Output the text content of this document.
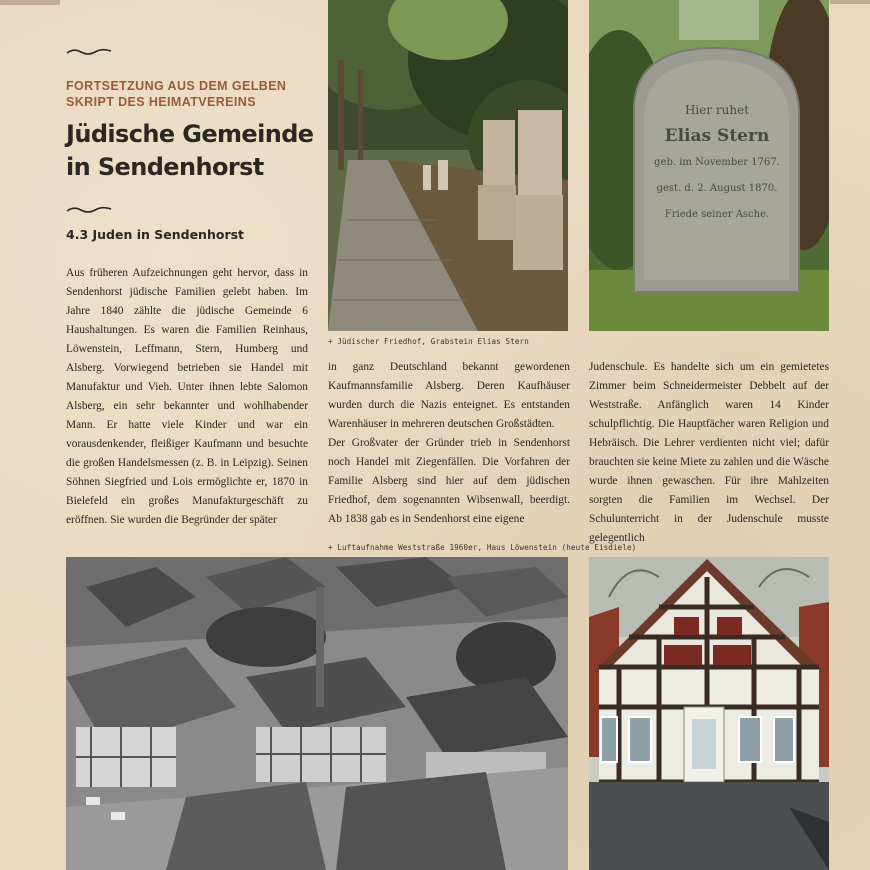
FORTSETZUNG AUS DEM GELBEN
SKRIPT DES HEIMATVEREINS
Jüdische Gemeinde
in Sendenhorst
4.3 Juden in Sendenhorst

Aus früheren Aufzeichnungen geht hervor, dass in Sendenhorst jüdische Familien gelebt haben. Im Jahre 1840 zählte die jüdische Gemeinde 6 Haushaltungen. Es waren die Familien Reinhaus, Löwenstein, Leffmann, Stern, Humberg und Alsberg. Vorwiegend betrieben sie Handel mit Manufaktur und Vieh. Unter ihnen lebte Salomon Alsberg, ein sehr bekannter und wohlhabender Mann. Er hatte viele Kinder und war ein vorausdenkender, fleißiger Kaufmann und besuchte die großen Handelsmessen (z. B. in Leipzig). Seinen Söhnen Siegfried und Lois ermöglichte er, 1870 in Bielefeld ein großes Manufakturgeschäft zu eröffnen. Sie wurden die Begründer der später

in ganz Deutschland bekannt gewordenen Kaufmannsfamilie Alsberg. Deren Kaufhäuser wurden durch die Nazis enteignet. Es entstanden Warenhäuser in mehreren deutschen Großstädten.

Der Großvater der Gründer trieb in Sendenhorst noch Handel mit Ziegenfällen. Die Vorfahren der Familie Alsberg sind hier auf dem jüdischen Friedhof, dem sogenannten Wibsenwall, beerdigt. Ab 1838 gab es in Sendenhorst eine eigene

Judenschule. Es handelte sich um ein gemietetes Zimmer beim Schneidermeister Debbelt auf der Weststraße. Anfänglich waren 14 Kinder schulpflichtig. Die Hauptfächer waren Religion und Hebräisch. Die Lehrer verdienten nicht viel; dafür brauchten sie keine Miete zu zahlen und die Wäsche wurde ihnen gewaschen. Für ihre Mahlzeiten sorgten die Familien im Wechsel. Der Schulunterricht in der Judenschule musste gelegentlich

+ Jüdischer Friedhof, Grabstein Elias Stern
+ Luftaufnahme Weststraße 1960er, Haus Löwenstein (heute Eisdiele)
Hier ruhet
Elias Stern
geb. im November 1767.
gest. d. 2. August 1870.
Friede seiner Asche.
